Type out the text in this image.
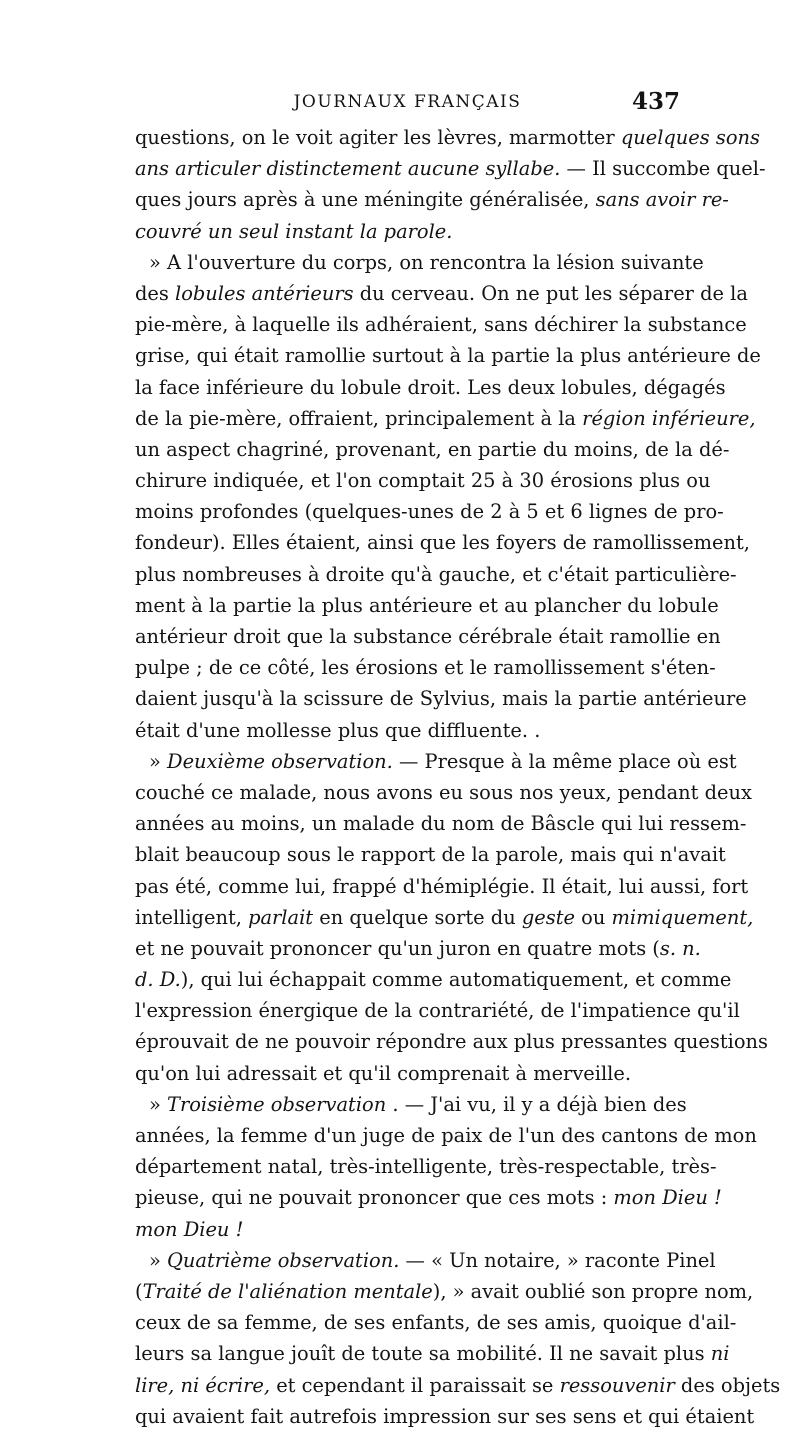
JOURNAUX FRANÇAIS	437
questions, on le voit agiter les lèvres, marmotter quelques sons
ans articuler distinctement aucune syllabe. — Il succombe quel-
ques jours après à une méningite généralisée, sans avoir re-
couvré un seul instant la parole.
» A l'ouverture du corps, on rencontra la lésion suivante
des lobules antérieurs du cerveau. On ne put les séparer de la
pie-mère, à laquelle ils adhéraient, sans déchirer la substance
grise, qui était ramollie surtout à la partie la plus antérieure de
la face inférieure du lobule droit. Les deux lobules, dégagés
de la pie-mère, offraient, principalement à la région inférieure,
un aspect chagriné, provenant, en partie du moins, de la dé-
chirure indiquée, et l'on comptait 25 à 30 érosions plus ou
moins profondes (quelques-unes de 2 à 5 et 6 lignes de pro-
fondeur). Elles étaient, ainsi que les foyers de ramollissement,
plus nombreuses à droite qu'à gauche, et c'était particulière-
ment à la partie la plus antérieure et au plancher du lobule
antérieur droit que la substance cérébrale était ramollie en
pulpe ; de ce côté, les érosions et le ramollissement s'éten-
daient jusqu'à la scissure de Sylvius, mais la partie antérieure
était d'une mollesse plus que diffluente. .
» Deuxième observation. — Presque à la même place où est
couché ce malade, nous avons eu sous nos yeux, pendant deux
années au moins, un malade du nom de Bâscle qui lui ressem-
blait beaucoup sous le rapport de la parole, mais qui n'avait
pas été, comme lui, frappé d'hémiplégie. Il était, lui aussi, fort
intelligent, parlait en quelque sorte du geste ou mimiquement,
et ne pouvait prononcer qu'un juron en quatre mots (s. n.
d. D.), qui lui échappait comme automatiquement, et comme
l'expression énergique de la contrariété, de l'impatience qu'il
éprouvait de ne pouvoir répondre aux plus pressantes questions
qu'on lui adressait et qu'il comprenait à merveille.
» Troisième observation . — J'ai vu, il y a déjà bien des
années, la femme d'un juge de paix de l'un des cantons de mon
département natal, très-intelligente, très-respectable, très-
pieuse, qui ne pouvait prononcer que ces mots : mon Dieu !
mon Dieu !
» Quatrième observation. — « Un notaire, » raconte Pinel
(Traité de l'aliénation mentale), » avait oublié son propre nom,
ceux de sa femme, de ses enfants, de ses amis, quoique d'ail-
leurs sa langue jouît de toute sa mobilité. Il ne savait plus ni
lire, ni écrire, et cependant il paraissait se ressouvenir des objets
qui avaient fait autrefois impression sur ses sens et qui étaient
